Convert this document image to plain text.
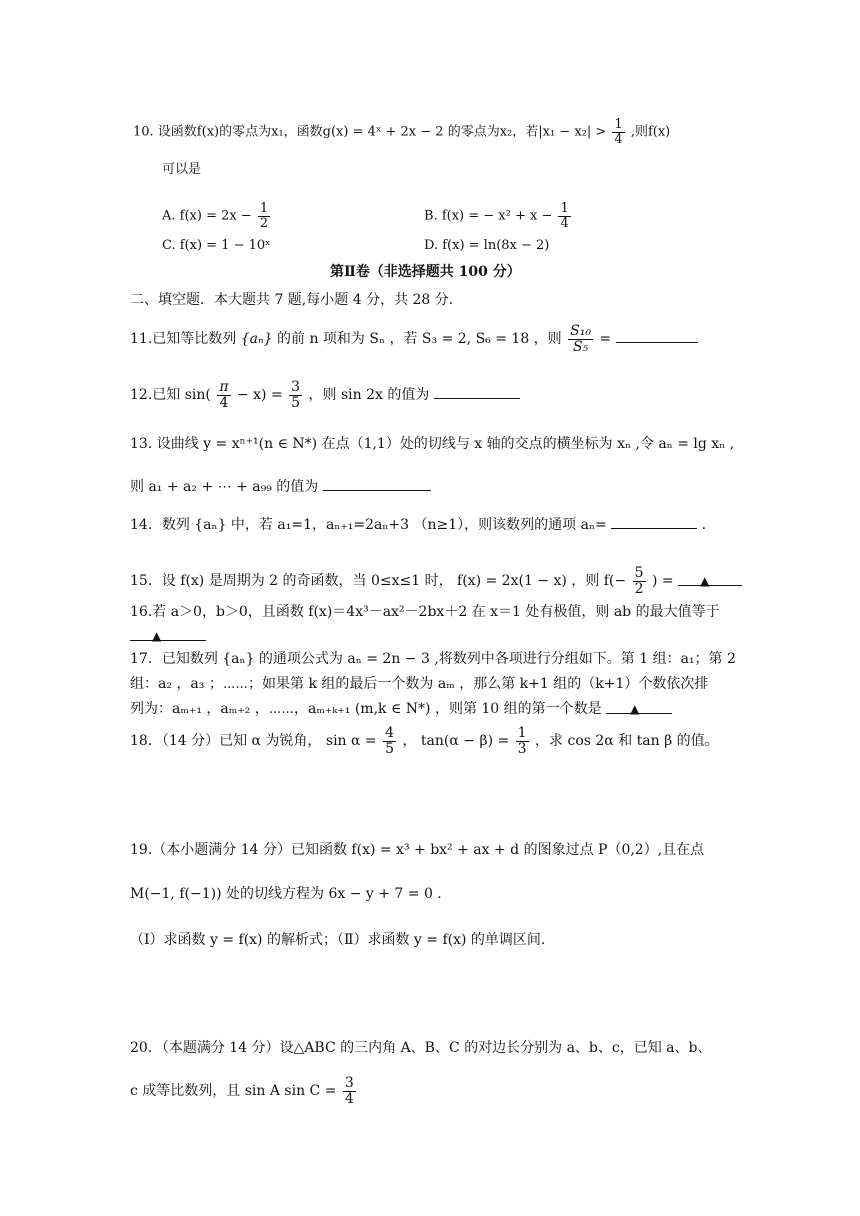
10. 设函数f(x)的零点为x₁，函数g(x) = 4ˣ + 2x − 2 的零点为x₂，若$|x_1 - x_2| > \frac{1}{4}$ ,则f(x)
可以是
A. $f(x) = 2x - \frac{1}{2}$	B. f(x) = − $x^2 + x - \frac{1}{4}$
C. f(x) = 1 − 10ˣ	D. f(x) = ln(8x − 2)
第Ⅱ卷（非选择题共 100 分）
二、填空题．本大题共 7 题,每小题 4 分，共 28 分．
11.已知等比数列 {aₙ} 的前 n 项和为 Sₙ ，若 S₃ = 2, S₆ = 18 ，则 $\frac{\text{S₁₀}}{\text{S₅}}$ =
12.已知 $\sin( \frac{\pi}{4} - x) = \frac{3}{5}$ ，则 sin 2x 的值为
13. 设曲线 y = xⁿ⁺¹(n ∈ N*) 在点（1,1）处的切线与 x 轴的交点的横坐标为 xₙ ,令 aₙ = lg xₙ ,
则 a₁ + a₂ + ⋯ + a₉₉ 的值为
14．数列 {aₙ} 中，若 a₁=1，aₙ₊₁=2aₙ+3 （n≥1），则该数列的通项 aₙ=	.
15．设 f(x) 是周期为 2 的奇函数，当 0≤x≤1 时， f(x) = 2x(1 − x) ，则 $f(- \frac{5}{2}$ ) = ▲
16.若 a＞0，b＞0，且函数 f(x)＝4x³－ax²－2bx＋2 在 x＝1 处有极值，则 ab 的最大值等于
▲
17．已知数列 {aₙ} 的通项公式为 aₙ = 2n − 3 ,将数列中各项进行分组如下。第 1 组：a₁；第 2
组：a₂ ，a₃ ；⋯⋯；如果第 k 组的最后一个数为 aₘ ，那么第 k+1 组的（k+1）个数依次排
列为：aₘ₊₁ ，aₘ₊₂ ，⋯⋯，aₘ₊ₖ₊₁ (m,k ∈ N*) ，则第 10 组的第一个数是 ▲
18．（14 分）已知 α 为锐角， $\sin \alpha = \frac{4}{5}$ ， $\tan(\alpha - \beta) = \frac{1}{3}$ ，求 cos 2α 和 tan β 的值。
19.（本小题满分 14 分）已知函数 f(x) = x³ + bx² + ax + d 的图象过点 P（0,2）,且在点
M(−1, f(−1)) 处的切线方程为 6x − y + 7 = 0 .
（Ⅰ）求函数 y = f(x) 的解析式；（Ⅱ）求函数 y = f(x) 的单调区间.
20．（本题满分 14 分）设△ABC 的三内角 A、B、C 的对边长分别为 a、b、c，已知 a、b、
c 成等比数列，且 sin A $\sin C = \frac{3}{4}$
